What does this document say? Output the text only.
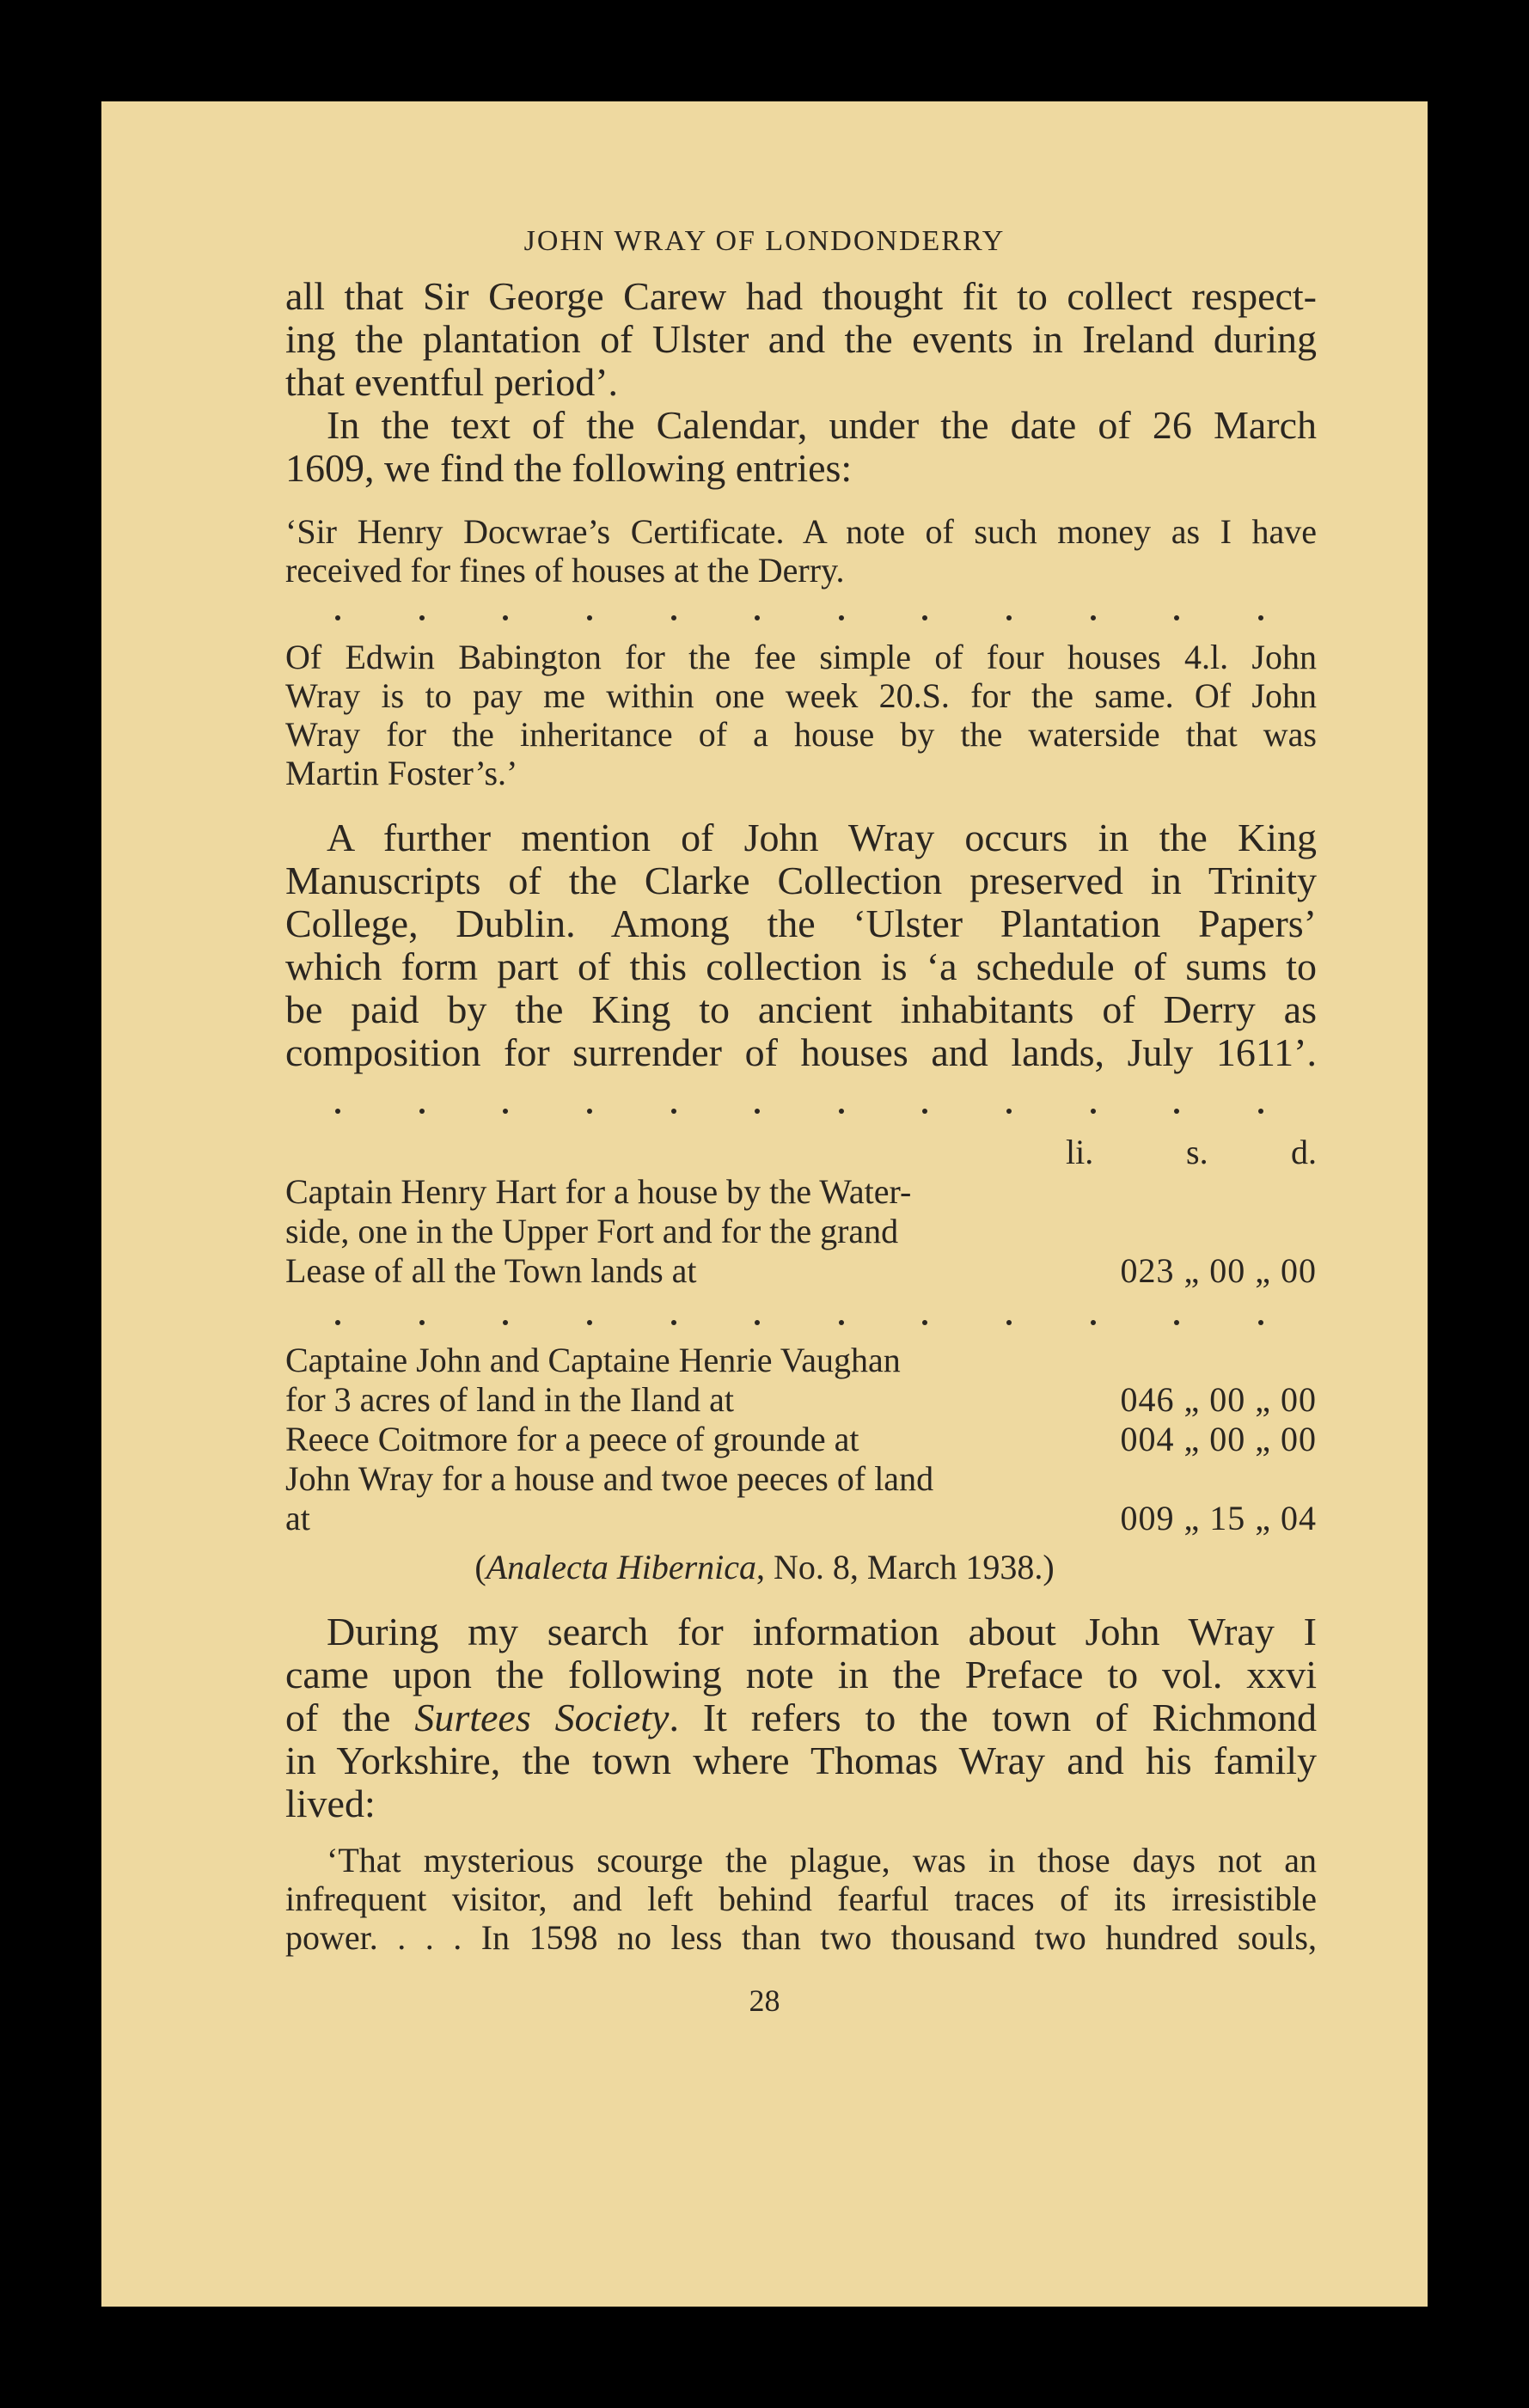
JOHN WRAY OF LONDONDERRY
all that Sir George Carew had thought fit to collect respect-
ing the plantation of Ulster and the events in Ireland during
that eventful period’.
In the text of the Calendar, under the date of 26 March
1609, we find the following entries:
‘Sir Henry Docwrae’s Certificate. A note of such money as I have
received for fines of houses at the Derry.
Of Edwin Babington for the fee simple of four houses 4.l. John
Wray is to pay me within one week 20.S. for the same. Of John
Wray for the inheritance of a house by the waterside that was
Martin Foster’s.’
A further mention of John Wray occurs in the King
Manuscripts of the Clarke Collection preserved in Trinity
College, Dublin. Among the ‘Ulster Plantation Papers’
which form part of this collection is ‘a schedule of sums to
be paid by the King to ancient inhabitants of Derry as
composition for surrender of houses and lands, July 1611’.
li.	s. d.
Captain Henry Hart for a house by the Water-
side, one in the Upper Fort and for the grand
Lease of all the Town lands at	023 „ 00 „ 00
Captaine John and Captaine Henrie Vaughan
for 3 acres of land in the Iland at	046 „ 00 „ 00
Reece Coitmore for a peece of grounde at	004 „ 00 „ 00
John Wray for a house and twoe peeces of land
at	009 „ 15 „ 04
(Analecta Hibernica, No. 8, March 1938.)
During my search for information about John Wray I
came upon the following note in the Preface to vol. xxvi
of the Surtees Society. It refers to the town of Richmond
in Yorkshire, the town where Thomas Wray and his family
lived:
‘That mysterious scourge the plague, was in those days not an
infrequent visitor, and left behind fearful traces of its irresistible
power. . . . In 1598 no less than two thousand two hundred souls,
28
